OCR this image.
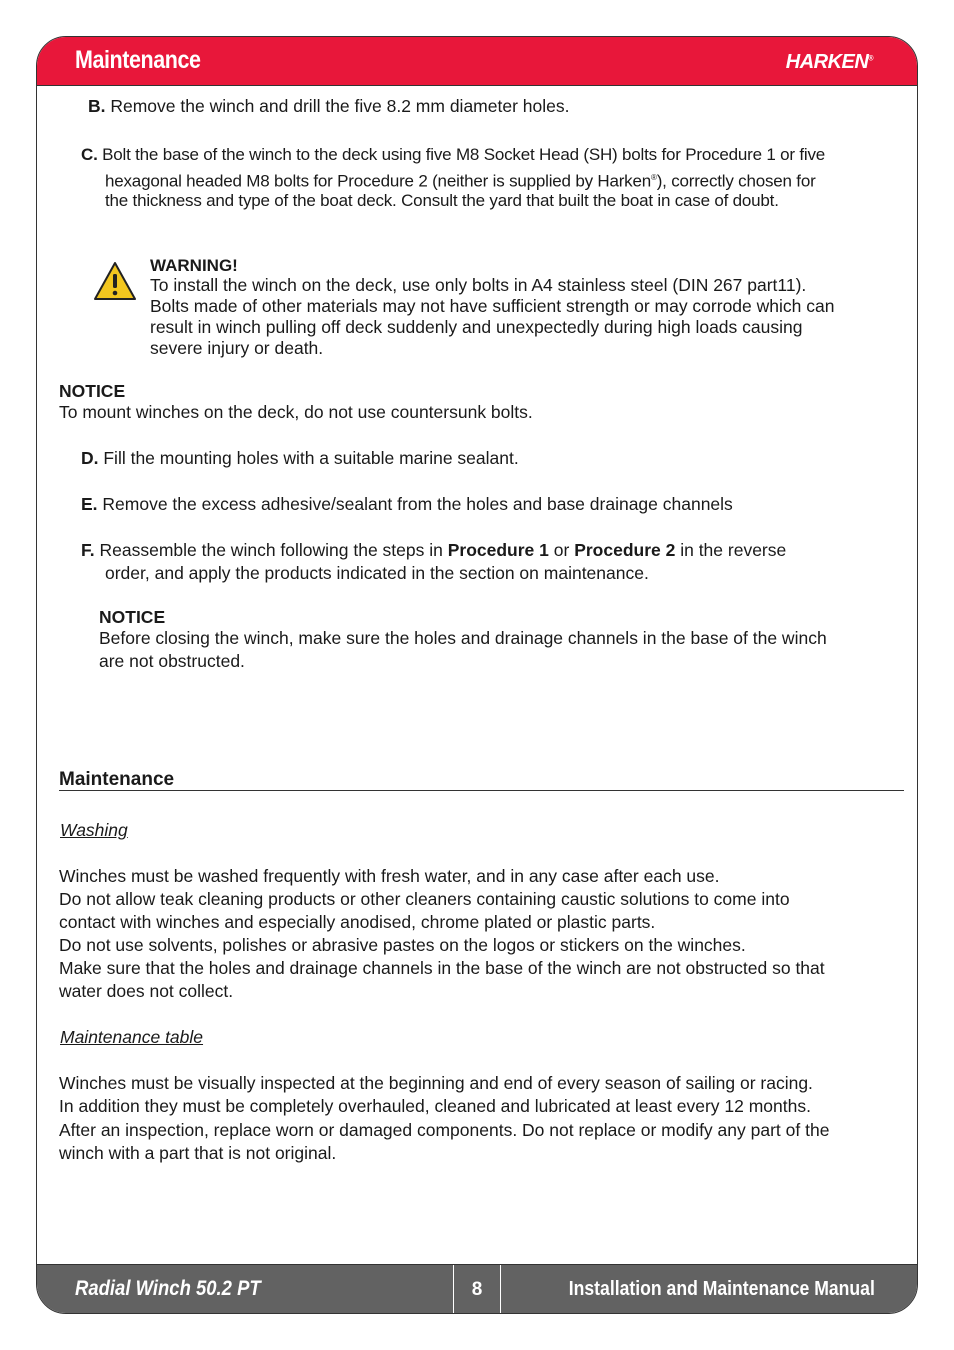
Maintenance	HARKEN®
Radial Winch 50.2 PT	8	Installation and Maintenance Manual
B. Remove the winch and drill the five 8.2 mm diameter holes.
C. Bolt the base of the winch to the deck using five M8 Socket Head (SH) bolts for Procedure 1 or five
hexagonal headed M8 bolts for Procedure 2 (neither is supplied by Harken®), correctly chosen for
the thickness and type of the boat deck. Consult the yard that built the boat in case of doubt.
WARNING!
To install the winch on the deck, use only bolts in A4 stainless steel (DIN 267 part11).
Bolts made of other materials may not have sufficient strength or may corrode which can
result in winch pulling off deck suddenly and unexpectedly during high loads causing
severe injury or death.
NOTICE
To mount winches on the deck, do not use countersunk bolts.
D. Fill the mounting holes with a suitable marine sealant.
E. Remove the excess adhesive/sealant from the holes and base drainage channels
F. Reassemble the winch following the steps in Procedure 1 or Procedure 2 in the reverse
order, and apply the products indicated in the section on maintenance.
NOTICE
Before closing the winch, make sure the holes and drainage channels in the base of the winch
are not obstructed.
Maintenance
Washing
Winches must be washed frequently with fresh water, and in any case after each use.
Do not allow teak cleaning products or other cleaners containing caustic solutions to come into
contact with winches and especially anodised, chrome plated or plastic parts.
Do not use solvents, polishes or abrasive pastes on the logos or stickers on the winches.
Make sure that the holes and drainage channels in the base of the winch are not obstructed so that
water does not collect.
Maintenance table
Winches must be visually inspected at the beginning and end of every season of sailing or racing.
In addition they must be completely overhauled, cleaned and lubricated at least every 12 months.
After an inspection, replace worn or damaged components. Do not replace or modify any part of the
winch with a part that is not original.
